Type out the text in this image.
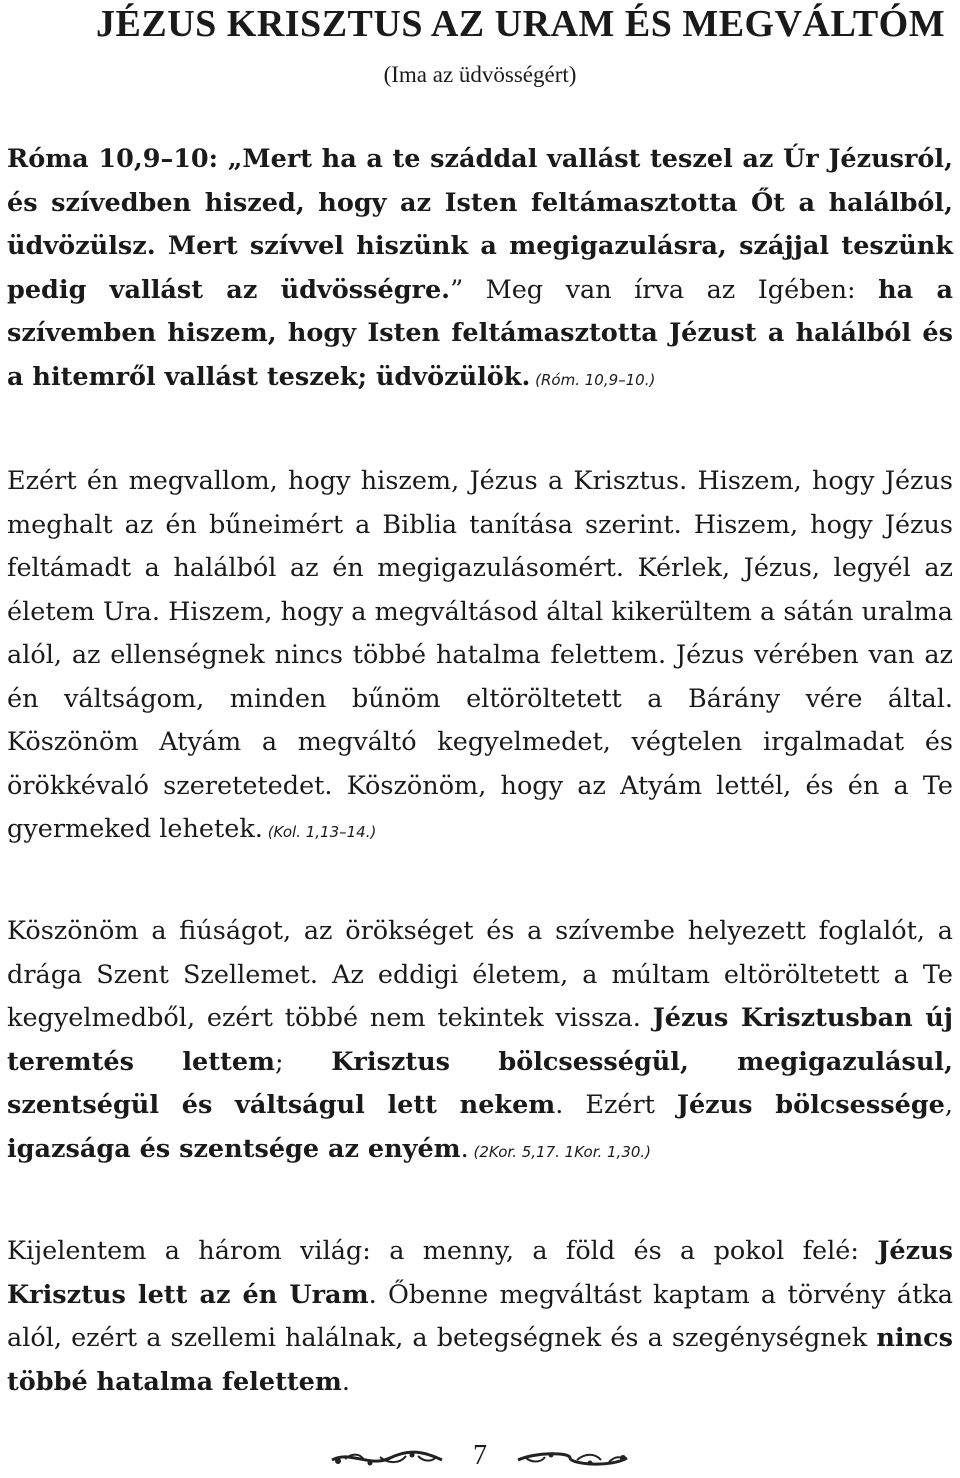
JÉZUS KRISZTUS AZ URAM ÉS MEGVÁLTÓM

(Ima az üdvösségért)

Róma 10,9–10: „Mert ha a te száddal vallást teszel az Úr Jézusról, és szívedben hiszed, hogy az Isten feltámasztotta Őt a halálból, üdvözülsz. Mert szívvel hiszünk a megigazulásra, szájjal teszünk pedig vallást az üdvösségre.” Meg van írva az Igében: ha a szívemben hiszem, hogy Isten feltámasztotta Jézust a halálból és a hitemről vallást teszek; üdvözülök. (Róm. 10,9–10.)

Ezért én megvallom, hogy hiszem, Jézus a Krisztus. Hiszem, hogy Jézus meghalt az én bűneimért a Biblia tanítása szerint. Hiszem, hogy Jézus feltámadt a halálból az én megigazulásomért. Kérlek, Jézus, legyél az életem Ura. Hiszem, hogy a megváltásod által kikerültem a sátán uralma alól, az ellenségnek nincs többé hatalma felettem. Jézus vérében van az én váltságom, minden bűnöm eltöröltetett a Bárány vére által. Köszönöm Atyám a megváltó kegyelmedet, végtelen irgalmadat és örökkévaló szeretetedet. Köszönöm, hogy az Atyám lettél, és én a Te gyermeked lehetek. (Kol. 1,13–14.)

Köszönöm a fiúságot, az örökséget és a szívembe helyezett foglalót, a drága Szent Szellemet. Az eddigi életem, a múltam eltöröltetett a Te kegyelmedből, ezért többé nem tekintek vissza. Jézus Krisztusban új teremtés lettem; Krisztus bölcsességül, megigazulásul, szentségül és váltságul lett nekem. Ezért Jézus bölcsessége, igazsága és szentsége az enyém. (2Kor. 5,17. 1Kor. 1,30.)

Kijelentem a három világ: a menny, a föld és a pokol felé: Jézus Krisztus lett az én Uram. Őbenne megváltást kaptam a törvény átka alól, ezért a szellemi halálnak, a betegségnek és a szegénységnek nincs többé hatalma felettem.

7
